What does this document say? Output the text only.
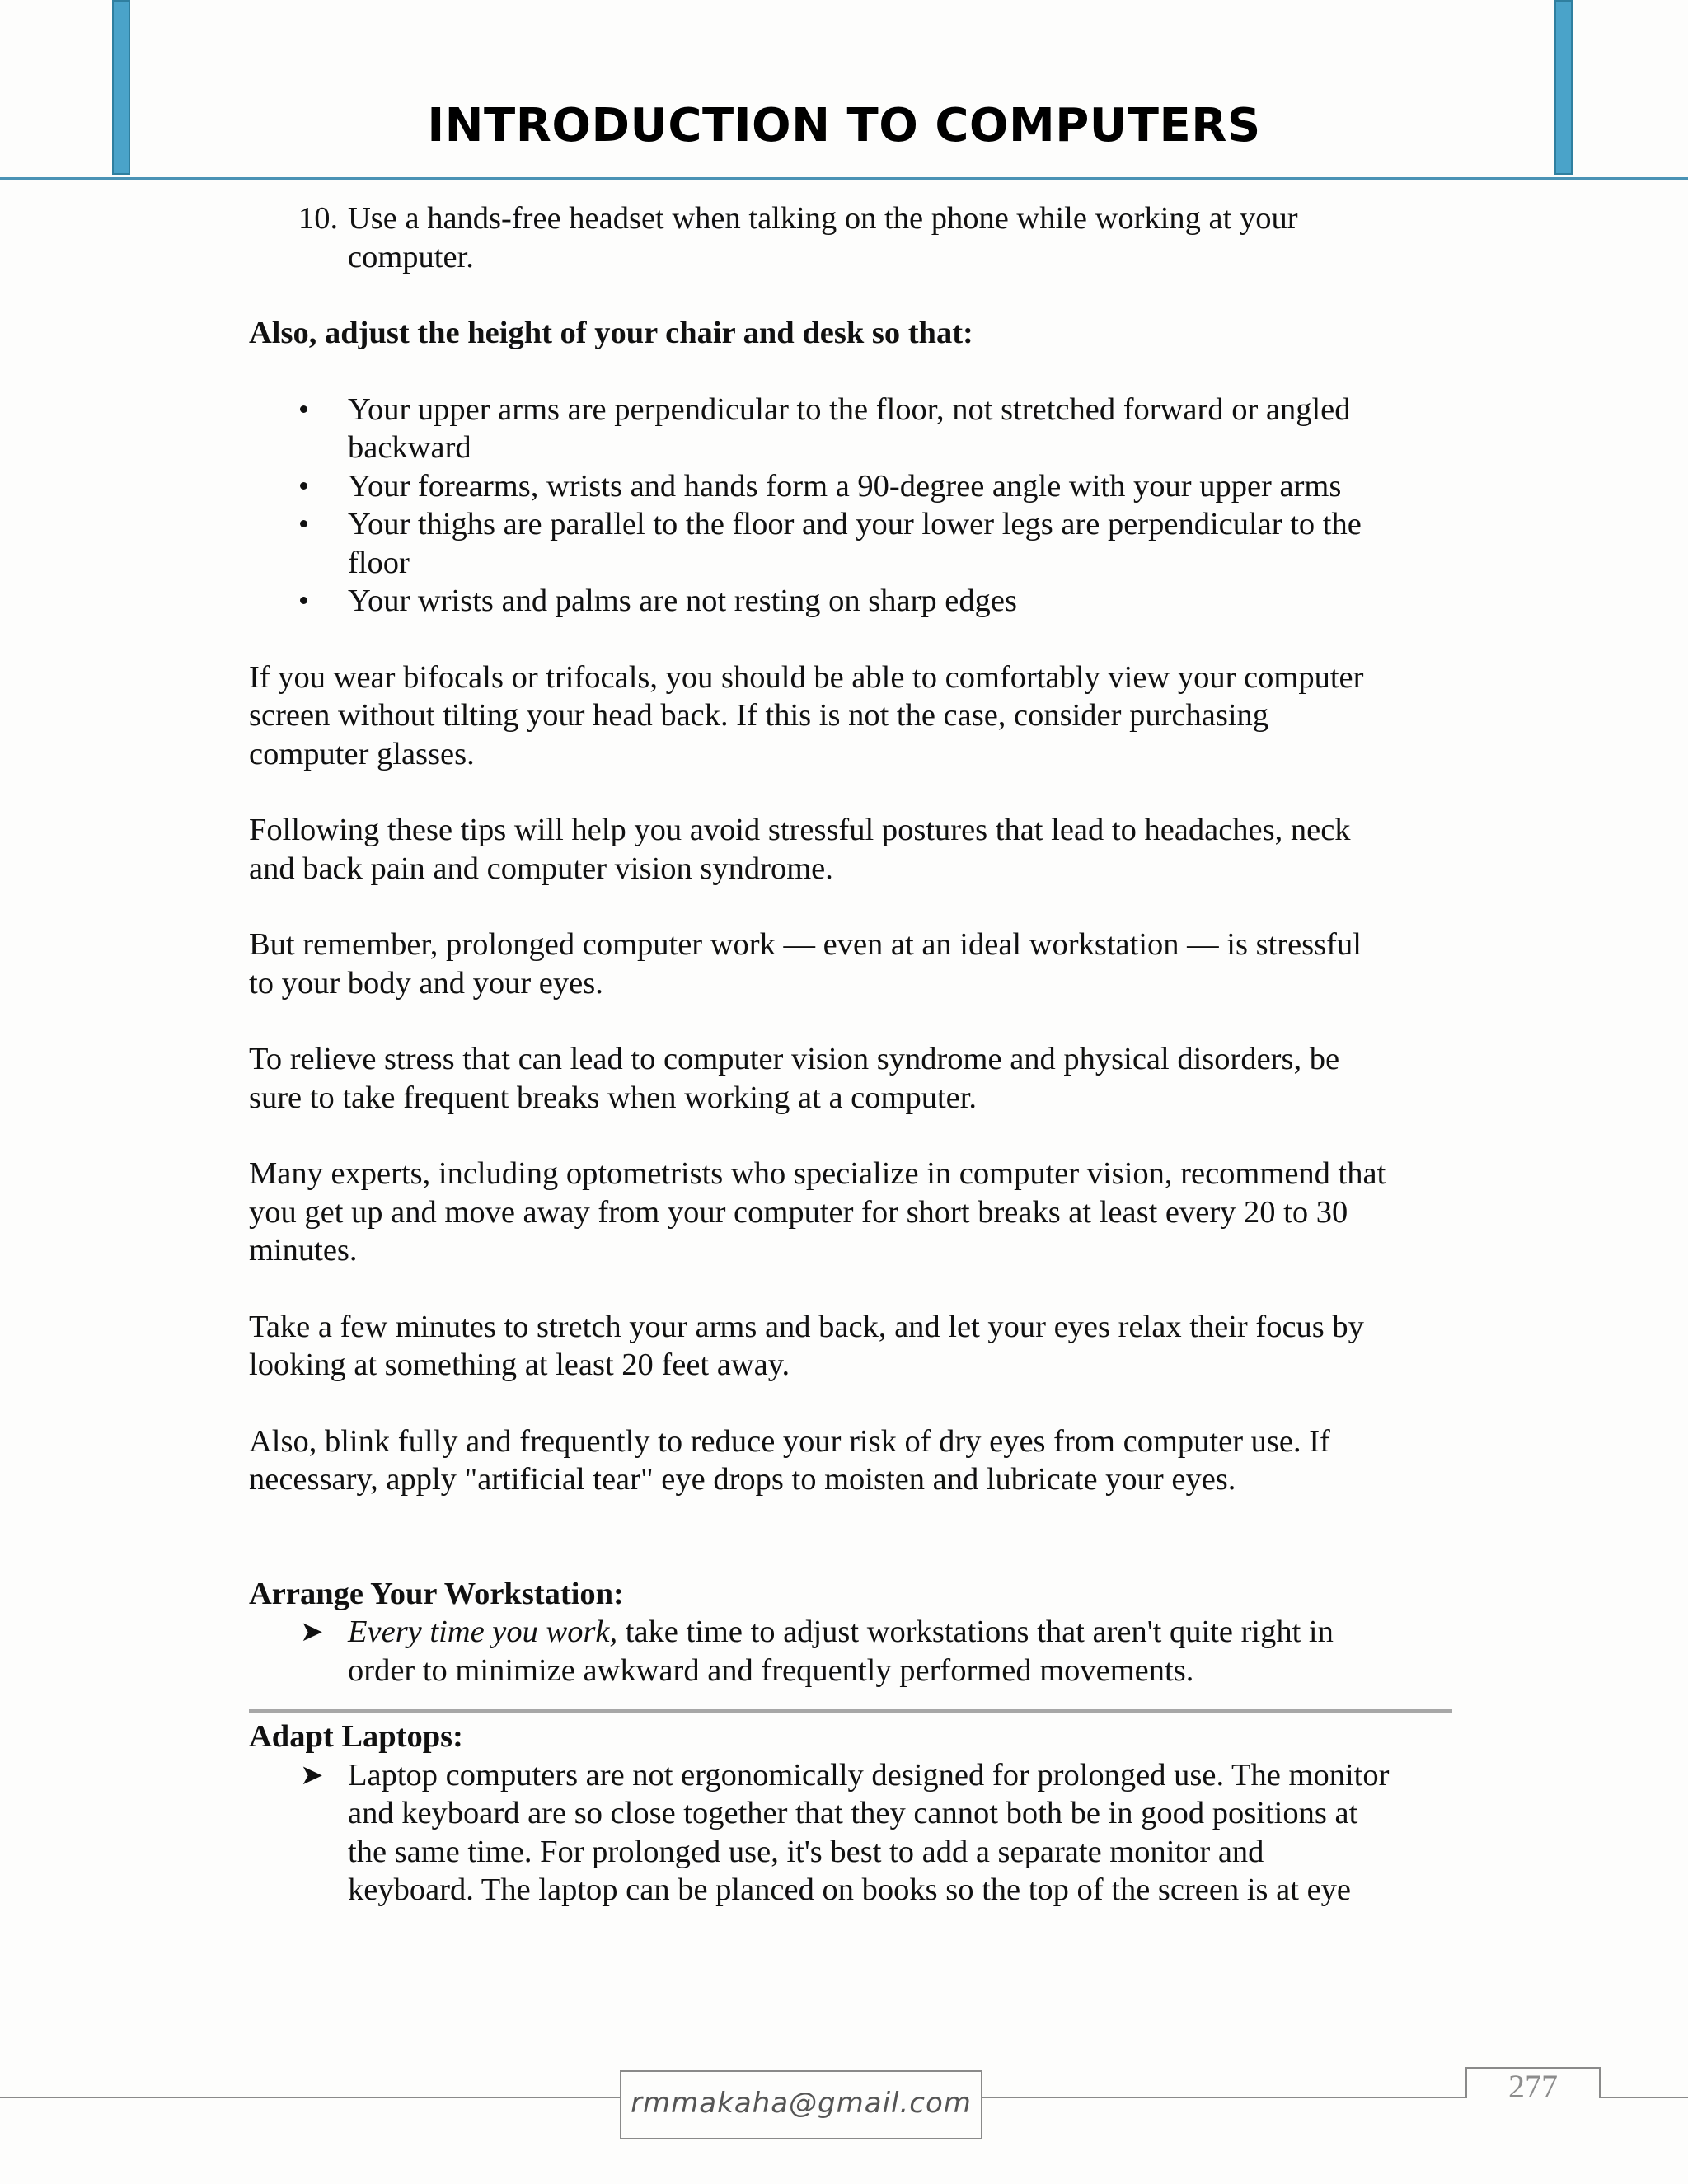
INTRODUCTION TO COMPUTERS
10. Use a hands-free headset when talking on the phone while working at your

computer.

Also, adjust the height of your chair and desk so that:

Your upper arms are perpendicular to the floor, not stretched forward or angled

backward

Your forearms, wrists and hands form a 90-degree angle with your upper arms

Your thighs are parallel to the floor and your lower legs are perpendicular to the

floor

Your wrists and palms are not resting on sharp edges

If you wear bifocals or trifocals, you should be able to comfortably view your computer

screen without tilting your head back. If this is not the case, consider purchasing

computer glasses.

Following these tips will help you avoid stressful postures that lead to headaches, neck

and back pain and computer vision syndrome.

But remember, prolonged computer work — even at an ideal workstation — is stressful

to your body and your eyes.

To relieve stress that can lead to computer vision syndrome and physical disorders, be

sure to take frequent breaks when working at a computer.

Many experts, including optometrists who specialize in computer vision, recommend that

you get up and move away from your computer for short breaks at least every 20 to 30

minutes.

Take a few minutes to stretch your arms and back, and let your eyes relax their focus by

looking at something at least 20 feet away.

Also, blink fully and frequently to reduce your risk of dry eyes from computer use. If

necessary, apply "artificial tear" eye drops to moisten and lubricate your eyes.

Arrange Your Workstation:

➤ Every time you work, take time to adjust workstations that aren't quite right in

order to minimize awkward and frequently performed movements.

Adapt Laptops:

➤ Laptop computers are not ergonomically designed for prolonged use. The monitor

and keyboard are so close together that they cannot both be in good positions at

the same time. For prolonged use, it's best to add a separate monitor and

keyboard. The laptop can be planced on books so the top of the screen is at eye

rmmakaha@gmail.com	277
